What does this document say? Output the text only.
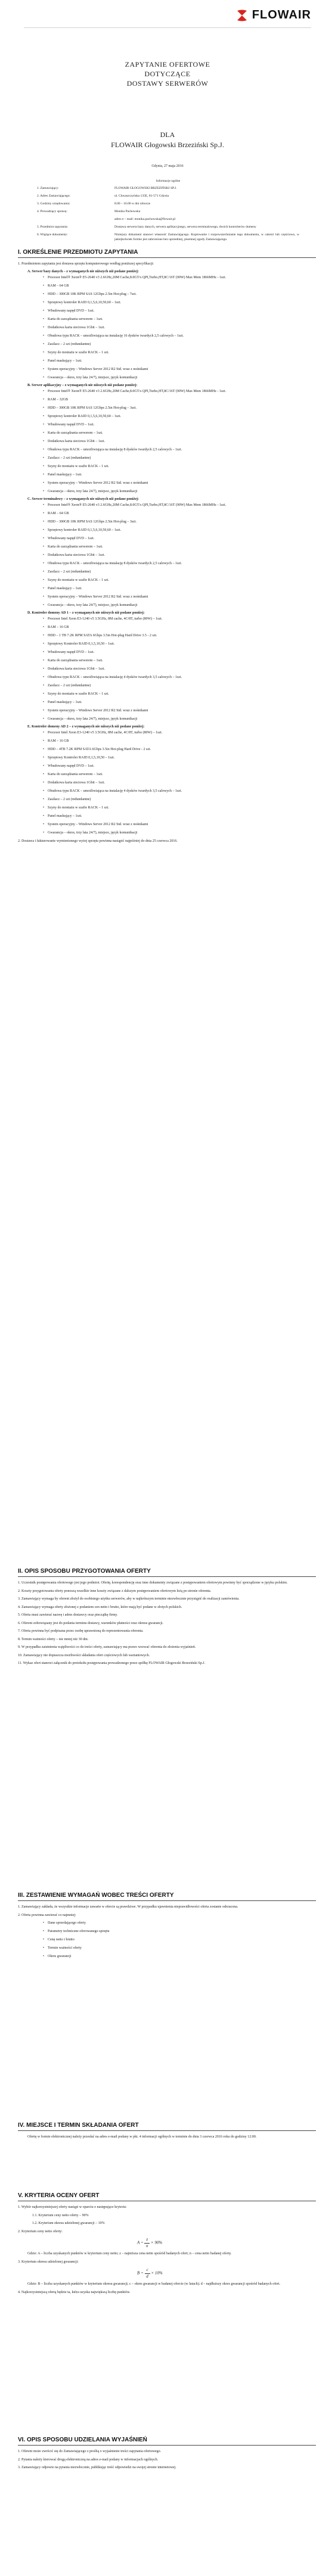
FLOWAIR
ZAPYTANIE OFERTOWE
DOTYCZĄCE
DOSTAWY SERWERÓW
DLA
FLOWAIR Głogowski Brzeziński Sp.J.
Gdynia, 27 maja 2016
Informacje ogólne
1. Zamawiający:	FLOWAIR GŁOGOWSKI BRZEZIŃSKI SP.J.
2. Adres Zamawiającego:	ul. Chwaszczyńska 135E, 81-571 Gdynia
3. Godziny urzędowania:	8.00 – 16.00 w dni robocze
4. Prowadzący sprawę:	Monika Pachowska
adres e – mail: monika.pachowska@flowair.pl
5. Przedmiot zapytania:	Dostawa serwera bazy danych, serwera aplikacyjnego, serwera terminalowego, dwóch kontrolerów domeny
6. Wiążące dokumenty:	Niniejszy dokument stanowi własność Zamawiającego. Kopiowanie i rozpowszechnianie tego dokumentu, w całości lub częściowo, w jakiejkolwiek formie jest zabronione bez uprzedniej, pisemnej zgody Zamawiającego.
I. OKREŚLENIE PRZEDMIOTU ZAPYTANIA
1. Przedmiotem zapytania jest dostawa sprzętu komputerowego według poniższej specyfikacji:
A. Serwer bazy danych – z wymaganych nie niższych niż podane poniżej:
• Procesor Intel® Xeon® E5-2640 v3 2.6GHz,20M Cache,8.0GT/s QPI,Turbo,HT,8C/16T (90W) Max Mem 1866MHz - 1szt.
• RAM – 64 GB
• HDD – 300GB 10K RPM SAS 12Gbps 2.5in Hot-plug – 7szt.
• Sprzętowy kontroler RAID 0,1,5,6,10,50,60 – 1szt.
• Wbudowany napęd DVD – 1szt.
• Karta do zarządzania serwerem – 1szt.
• Dodatkowa karta sieciowa 1Gbit – 1szt.
• Obudowa typu RACK – umożliwiająca na instalację 16 dysków twardych 2,5 calowych – 1szt.
• Zasilacz – 2 szt (redundantne)
• Szyny do montażu w szafie RACK – 1 szt.
• Panel maskujący – 1szt.
• System operacyjny – Windows Server 2012 R2 Std. wraz z nośnikami
• Gwarancja – okres, trzy lata 24/7), miejsce, język komunikacji
B. Serwer aplikacyjny – z wymaganych nie niższych niż podane poniżej:
• Procesor Intel® Xeon® E5-2640 v3 2.6GHz,20M Cache,8.0GT/s QPI,Turbo,HT,8C/16T (90W) Max Mem 1866MHz - 1szt.
• RAM – 32GB
• HDD – 300GB 10K RPM SAS 12Gbps 2.5in Hot-plug – 3szt.
• Sprzętowy kontroler RAID 0,1,5,6,10,50,60 – 1szt.
• Wbudowany napęd DVD – 1szt.
• Karta do zarządzania serwerem – 1szt.
• Dodatkowa karta sieciowa 1Gbit – 1szt.
• Obudowa typu RACK – umożliwiająca na instalację 8 dysków twardych 2,5 calowych – 1szt.
• Zasilacz – 2 szt (redundantne)
• Szyny do montażu w szafie RACK – 1 szt.
• Panel maskujący – 1szt.
• System operacyjny – Windows Server 2012 R2 Std. wraz z nośnikami
• Gwarancja – okres, trzy lata 24/7), miejsce, język komunikacji
C. Serwer terminalowy – z wymaganych nie niższych niż podane poniżej:
• Procesor Intel® Xeon® E5-2640 v3 2.6GHz,20M Cache,8.0GT/s QPI,Turbo,HT,8C/16T (90W) Max Mem 1866MHz - 1szt.
• RAM – 64 GB
• HDD – 300GB 10K RPM SAS 12Gbps 2.5in Hot-plug – 3szt.
• Sprzętowy kontroler RAID 0,1,5,6,10,50,60 – 1szt.
• Wbudowany napęd DVD – 1szt.
• Karta do zarządzania serwerem – 1szt.
• Dodatkowa karta sieciowa 1Gbit – 1szt.
• Obudowa typu RACK – umożliwiająca na instalację 8 dysków twardych 2,5 calowych – 1szt.
• Zasilacz – 2 szt (redundantne)
• Szyny do montażu w szafie RACK – 1 szt.
• Panel maskujący – 1szt.
• System operacyjny – Windows Server 2012 R2 Std. wraz z nośnikami
• Gwarancja – okres, trzy lata 24/7), miejsce, język komunikacji
D. Kontroler domeny AD 1 – z wymaganych nie niższych niż podane poniżej:
• Procesor Intel Xeon E3-1240 v5 3.5GHz, 8M cache, 4C/8T, turbo (80W) – 1szt.
• RAM – 16 GB
• HDD – 1 TB 7.2K RPM SATA 6Gbps 3.5in Hot-plug Hard Drive 3.5 - 2 szt.
• Sprzętowy Kontroler RAID 0,1,5,10,50 – 1szt.
• Wbudowany napęd DVD – 1szt.
• Karta do zarządzania serwerem – 1szt.
• Dodatkowa karta sieciowa 1Gbit – 1szt.
• Obudowa typu RACK – umożliwiająca na instalację 4 dysków twardych 3,5 calowych – 1szt.
• Zasilacz – 2 szt (redundantne)
• Szyny do montażu w szafie RACK – 1 szt.
• Panel maskujący – 1szt.
• System operacyjny – Windows Server 2012 R2 Std. wraz z nośnikami
• Gwarancja – okres, trzy lata 24/7), miejsce, język komunikacji
E. Kontroler domeny AD 2 – z wymaganych nie niższych niż podane poniżej:
• Procesor Intel Xeon E3-1240 v5 3.5GHz, 8M cache, 4C/8T, turbo (80W) – 1szt.
• RAM – 16 GB
• HDD – 4TB 7.2K RPM SATA 6Gbps 3.5in Hot-plug Hard Drive - 2 szt.
• Sprzętowy Kontroler RAID 0,1,5,10,50 – 1szt.
• Wbudowany napęd DVD – 1szt.
• Karta do zarządzania serwerem – 1szt.
• Dodatkowa karta sieciowa 1Gbit – 1szt.
• Obudowa typu RACK – umożliwiająca na instalację 4 dysków twardych 3,5 calowych – 1szt.
• Zasilacz – 2 szt (redundantne)
• Szyny do montażu w szafie RACK – 1 szt.
• Panel maskujący – 1szt.
• System operacyjny – Windows Server 2012 R2 Std. wraz z nośnikami
• Gwarancja – okres, trzy lata 24/7), miejsce, język komunikacji
2. Dostawa i fakturowanie wymienionego wyżej sprzętu powinna nastąpić najpóźniej do dnia 25 czerwca 2016.
II. OPIS SPOSOBU PRZYGOTOWANIA OFERTY
1. Uczestnik postępowania ofertowego jest jego podmiot. Ofertę, korespondencję oraz inne dokumenty związane z postępowaniem ofertowym powinny być sporządzone w języku polskim.
2. Koszty przygotowania oferty ponoszą wszelkie inne koszty związane z dalszym postępowaniem ofertowym leżą po stronie oferenta.
3. Zamawiający wymaga by oferent złożył do osobistego użytku serwerów, aby w najkrótszym terminie niezwłocznie przystąpić do realizacji zamówienia.
4. Zamawiający wymaga oferty złożonej z podaniem cen netto i brutto, które mają być podane w złotych polskich.
5. Oferta musi zawierać nazwę i adres dostawcy oraz pieczątkę firmy.
6. Oferent zobowiązany jest do podania terminu dostawy, warunków płatności oraz okresu gwarancji.
7. Oferta powinna być podpisana przez osobę uprawnioną do reprezentowania oferenta.
8. Termin ważności oferty – nie mniej niż 30 dni.
9. W przypadku zaistnienia wątpliwości co do treści oferty, zamawiający ma prawo wezwać oferenta do złożenia wyjaśnień.
10. Zamawiający nie dopuszcza możliwości składania ofert częściowych lub wariantowych.
11. Wykaz ofert stanowi załącznik do protokołu postępowania prowadzonego przez spółkę FLOWAIR Głogowski Brzeziński Sp.J.
III. ZESTAWIENIE WYMAGAŃ WOBEC TREŚCI OFERTY
1. Zamawiający zakłada, że wszystkie informacje zawarte w ofercie są prawdziwe. W przypadku ujawnienia nieprawidłowości oferta zostanie odrzucona.
2. Oferta powinna zawierać co najmniej:
• Dane sprzedającego oferty
• Parametry techniczne oferowanego sprzętu
• Cenę netto i brutto
• Termin ważności oferty
• Okres gwarancji
IV. MIEJSCE I TERMIN SKŁADANIA OFERT
Ofertę w formie elektronicznej należy przesłać na adres e-mail podany w pkt. 4 informacji ogólnych w terminie do dnia 3 czerwca 2016 roku do godziny 12:00.
V. KRYTERIA OCENY OFERT
1. Wybór najkorzystniejszej oferty nastąpi w oparciu o następujące kryteria:
1.1. Kryterium ceny netto oferty – 90%
1.2. Kryterium okresu udzielonej gwarancji – 10%
2. Kryterium ceny netto oferty:
$A = \frac{z}{n} \times 90\%$
Gdzie: A – liczba uzyskanych punktów w kryterium ceny netto; z – najniższa cena netto spośród badanych ofert; n – cena netto badanej oferty.
3. Kryterium okresu udzielonej gwarancji:
$B = \frac{c}{d} \times 10\%$
Gdzie: B – liczba uzyskanych punktów w kryterium okresu gwarancji; c – okres gwarancji w badanej ofercie (w latach); d – najdłuższy okres gwarancji spośród badanych ofert.
4. Najkorzystniejszą ofertą będzie ta, która uzyska największą liczbę punktów.
VI. OPIS SPOSOBU UDZIELANIA WYJAŚNIEŃ
1. Oferent może zwrócić się do Zamawiającego z prośbą o wyjaśnienie treści zapytania ofertowego.
2. Pytania należy kierować drogą elektroniczną na adres e-mail podany w informacjach ogólnych.
3. Zamawiający odpowie na pytania niezwłocznie, publikując treść odpowiedzi na swojej stronie internetowej.
